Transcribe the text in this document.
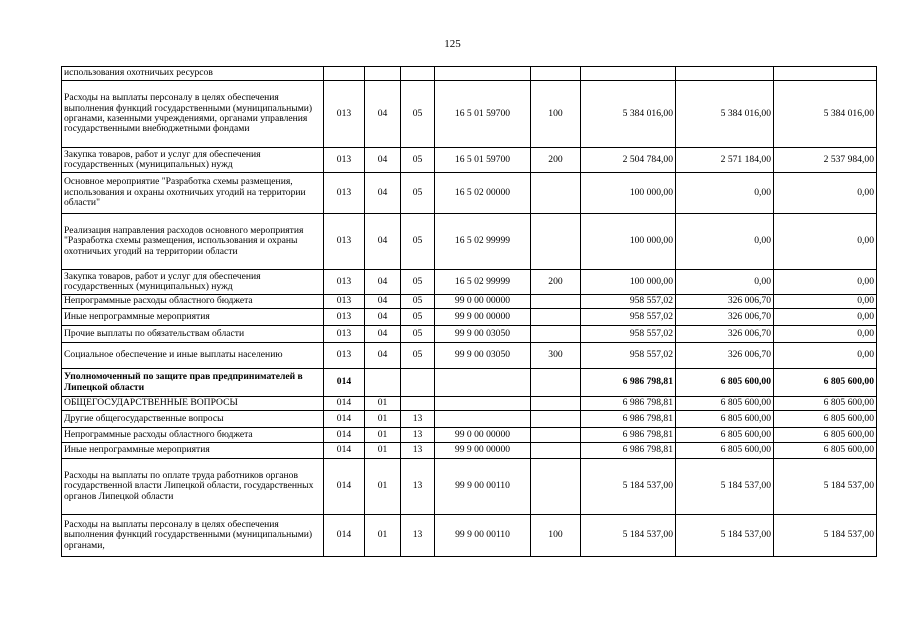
125
использования охотничьих ресурсов								
Расходы на выплаты персоналу в целях обеспечения выполнения функций государственными (муниципальными) органами, казенными учреждениями, органами управления государственными внебюджетными фондами	013	04	05	16 5 01 59700	100	5 384 016,00	5 384 016,00	5 384 016,00
Закупка товаров, работ и услуг для обеспечения государственных (муниципальных) нужд	013	04	05	16 5 01 59700	200	2 504 784,00	2 571 184,00	2 537 984,00
Основное мероприятие "Разработка схемы размещения, использования и охраны охотничьих угодий на территории области"	013	04	05	16 5 02 00000		100 000,00	0,00	0,00
Реализация направления расходов основного мероприятия "Разработка схемы размещения, использования и охраны охотничьих угодий на территории области	013	04	05	16 5 02 99999		100 000,00	0,00	0,00
Закупка товаров, работ и услуг для обеспечения государственных (муниципальных) нужд	013	04	05	16 5 02 99999	200	100 000,00	0,00	0,00
Непрограммные расходы областного бюджета	013	04	05	99 0 00 00000		958 557,02	326 006,70	0,00
Иные непрограммные мероприятия	013	04	05	99 9 00 00000		958 557,02	326 006,70	0,00
Прочие выплаты по обязательствам области	013	04	05	99 9 00 03050		958 557,02	326 006,70	0,00
Социальное обеспечение и иные выплаты населению	013	04	05	99 9 00 03050	300	958 557,02	326 006,70	0,00
Уполномоченный по защите прав предпринимателей в Липецкой области	014					6 986 798,81	6 805 600,00	6 805 600,00
ОБЩЕГОСУДАРСТВЕННЫЕ ВОПРОСЫ	014	01				6 986 798,81	6 805 600,00	6 805 600,00
Другие общегосударственные вопросы	014	01	13			6 986 798,81	6 805 600,00	6 805 600,00
Непрограммные расходы областного бюджета	014	01	13	99 0 00 00000		6 986 798,81	6 805 600,00	6 805 600,00
Иные непрограммные мероприятия	014	01	13	99 9 00 00000		6 986 798,81	6 805 600,00	6 805 600,00
Расходы на выплаты по оплате труда работников органов государственной власти Липецкой области, государственных органов Липецкой области	014	01	13	99 9 00 00110		5 184 537,00	5 184 537,00	5 184 537,00
Расходы на выплаты персоналу в целях обеспечения выполнения функций государственными (муниципальными) органами,	014	01	13	99 9 00 00110	100	5 184 537,00	5 184 537,00	5 184 537,00
